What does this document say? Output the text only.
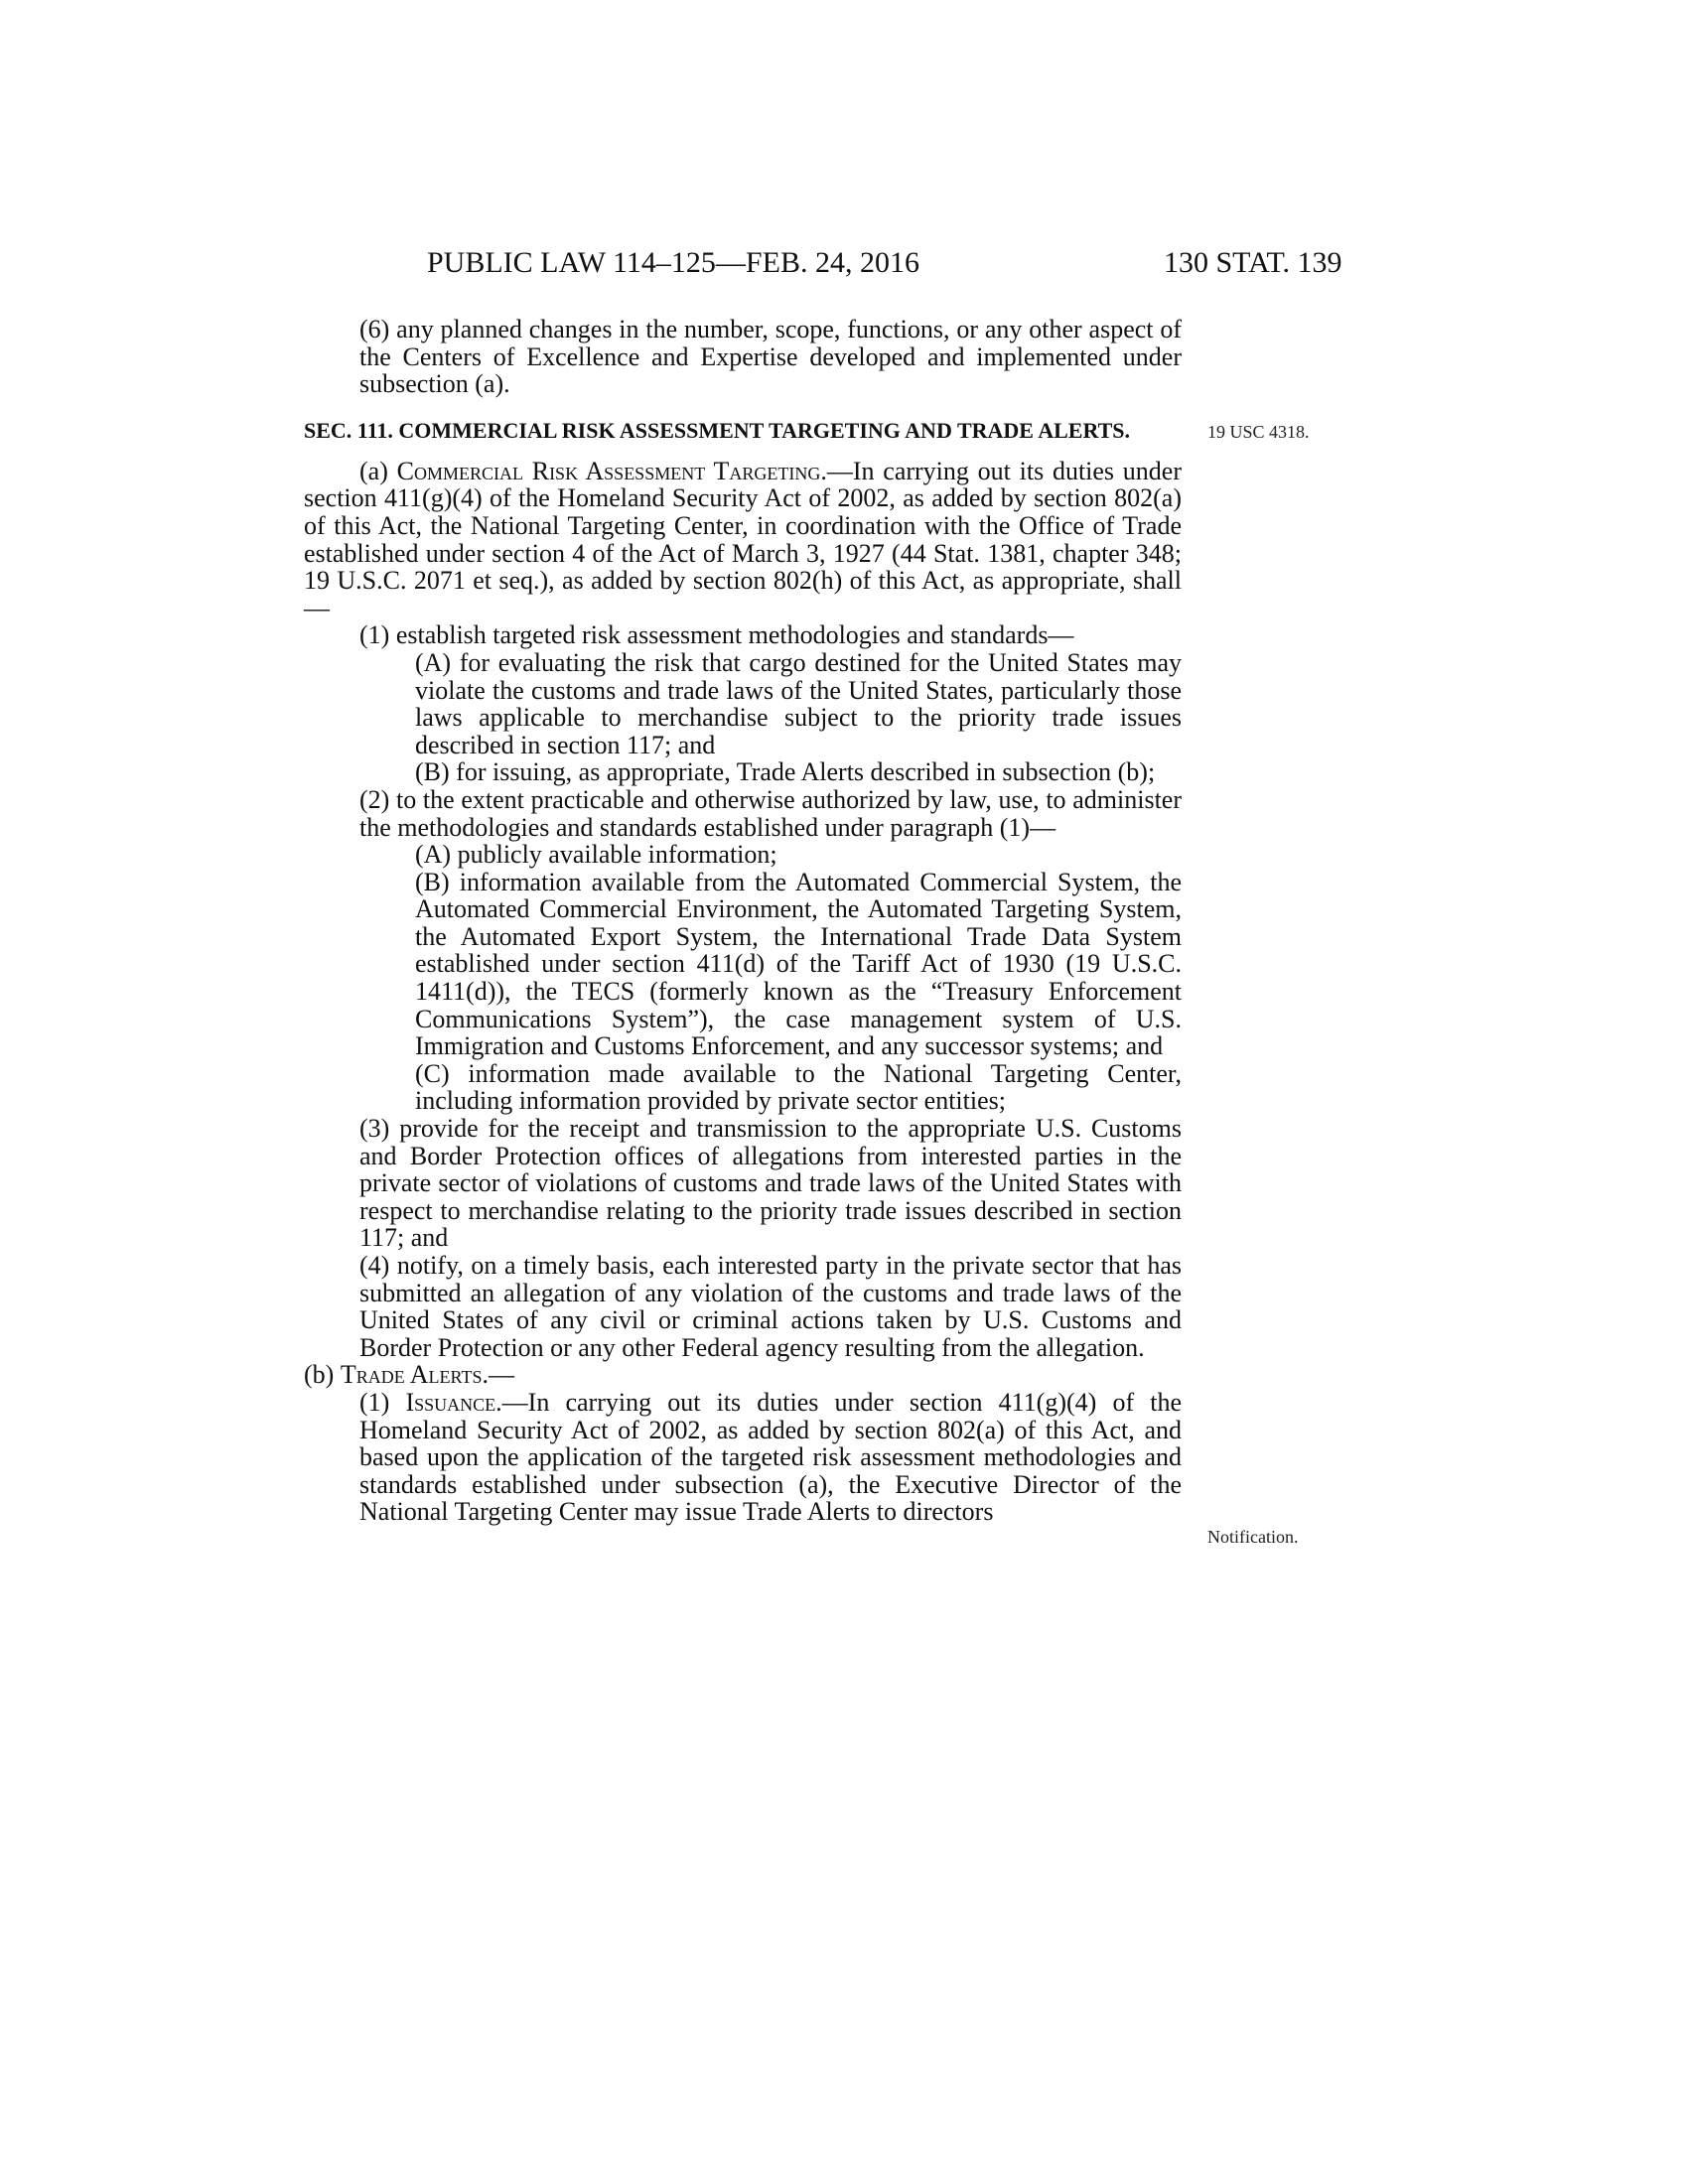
PUBLIC LAW 114–125—FEB. 24, 2016	130 STAT. 139
19 USC 4318.
Notification.

(6) any planned changes in the number, scope, functions, or any other aspect of the Centers of Excellence and Expertise developed and implemented under subsection (a).

SEC. 111. COMMERCIAL RISK ASSESSMENT TARGETING AND TRADE ALERTS.

(a) Commercial Risk Assessment Targeting.—In carrying out its duties under section 411(g)(4) of the Homeland Security Act of 2002, as added by section 802(a) of this Act, the National Targeting Center, in coordination with the Office of Trade established under section 4 of the Act of March 3, 1927 (44 Stat. 1381, chapter 348; 19 U.S.C. 2071 et seq.), as added by section 802(h) of this Act, as appropriate, shall—

(1) establish targeted risk assessment methodologies and standards—

(A) for evaluating the risk that cargo destined for the United States may violate the customs and trade laws of the United States, particularly those laws applicable to merchandise subject to the priority trade issues described in section 117; and

(B) for issuing, as appropriate, Trade Alerts described in subsection (b);

(2) to the extent practicable and otherwise authorized by law, use, to administer the methodologies and standards established under paragraph (1)—

(A) publicly available information;

(B) information available from the Automated Commercial System, the Automated Commercial Environment, the Automated Targeting System, the Automated Export System, the International Trade Data System established under section 411(d) of the Tariff Act of 1930 (19 U.S.C. 1411(d)), the TECS (formerly known as the “Treasury Enforcement Communications System”), the case management system of U.S. Immigration and Customs Enforcement, and any successor systems; and

(C) information made available to the National Targeting Center, including information provided by private sector entities;

(3) provide for the receipt and transmission to the appropriate U.S. Customs and Border Protection offices of allegations from interested parties in the private sector of violations of customs and trade laws of the United States with respect to merchandise relating to the priority trade issues described in section 117; and

(4) notify, on a timely basis, each interested party in the private sector that has submitted an allegation of any violation of the customs and trade laws of the United States of any civil or criminal actions taken by U.S. Customs and Border Protection or any other Federal agency resulting from the allegation.

(b) Trade Alerts.—

(1) Issuance.—In carrying out its duties under section 411(g)(4) of the Homeland Security Act of 2002, as added by section 802(a) of this Act, and based upon the application of the targeted risk assessment methodologies and standards established under subsection (a), the Executive Director of the National Targeting Center may issue Trade Alerts to directors
